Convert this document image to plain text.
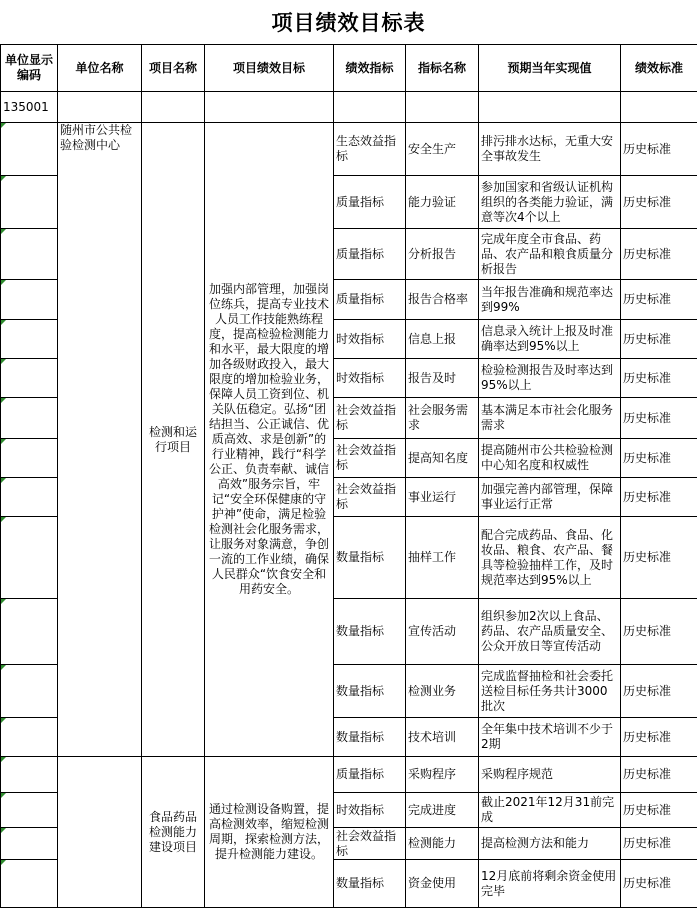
项目绩效目标表
单位显示编码	单位名称	项目名称	项目绩效目标	绩效指标	指标名称	预期当年实现值	绩效标准
135001							
	随州市公共检验检测中心	检测和运行项目	加强内部管理，加强岗位练兵，提高专业技术人员工作技能熟练程度，提高检验检测能力和水平，最大限度的增加各级财政投入，最大限度的增加检验业务，保障人员工资到位、机关队伍稳定。弘扬“团结担当、公正诚信、优质高效、求是创新”的行业精神，践行“科学公正、负责奉献、诚信高效”服务宗旨，牢记“安全环保健康的守护神”使命，满足检验检测社会化服务需求，让服务对象满意，争创一流的工作业绩，确保人民群众“饮食安全和用药安全。	生态效益指标	安全生产	排污排水达标，无重大安全事故发生	历史标准
				质量指标	能力验证	参加国家和省级认证机构组织的各类能力验证，满意等次4个以上	历史标准
				质量指标	分析报告	完成年度全市食品、药品、农产品和粮食质量分析报告	历史标准
				质量指标	报告合格率	当年报告准确和规范率达到99%	历史标准
				时效指标	信息上报	信息录入统计上报及时准确率达到95%以上	历史标准
				时效指标	报告及时	检验检测报告及时率达到95%以上	历史标准
				社会效益指标	社会服务需求	基本满足本市社会化服务需求	历史标准
				社会效益指标	提高知名度	提高随州市公共检验检测中心知名度和权威性	历史标准
				社会效益指标	事业运行	加强完善内部管理，保障事业运行正常	历史标准
				数量指标	抽样工作	配合完成药品、食品、化妆品、粮食、农产品、餐具等检验抽样工作，及时规范率达到95%以上	历史标准
				数量指标	宣传活动	组织参加2次以上食品、药品、农产品质量安全、公众开放日等宣传活动	历史标准
				数量指标	检测业务	完成监督抽检和社会委托送检目标任务共计3000批次	历史标准
				数量指标	技术培训	全年集中技术培训不少于2期	历史标准
		食品药品检测能力建设项目	通过检测设备购置，提高检测效率，缩短检测周期，探索检测方法，提升检测能力建设。	质量指标	采购程序	采购程序规范	历史标准
				时效指标	完成进度	截止2021年12月31前完成	历史标准
				社会效益指标	检测能力	提高检测方法和能力	历史标准
				数量指标	资金使用	12月底前将剩余资金使用完毕	历史标准
